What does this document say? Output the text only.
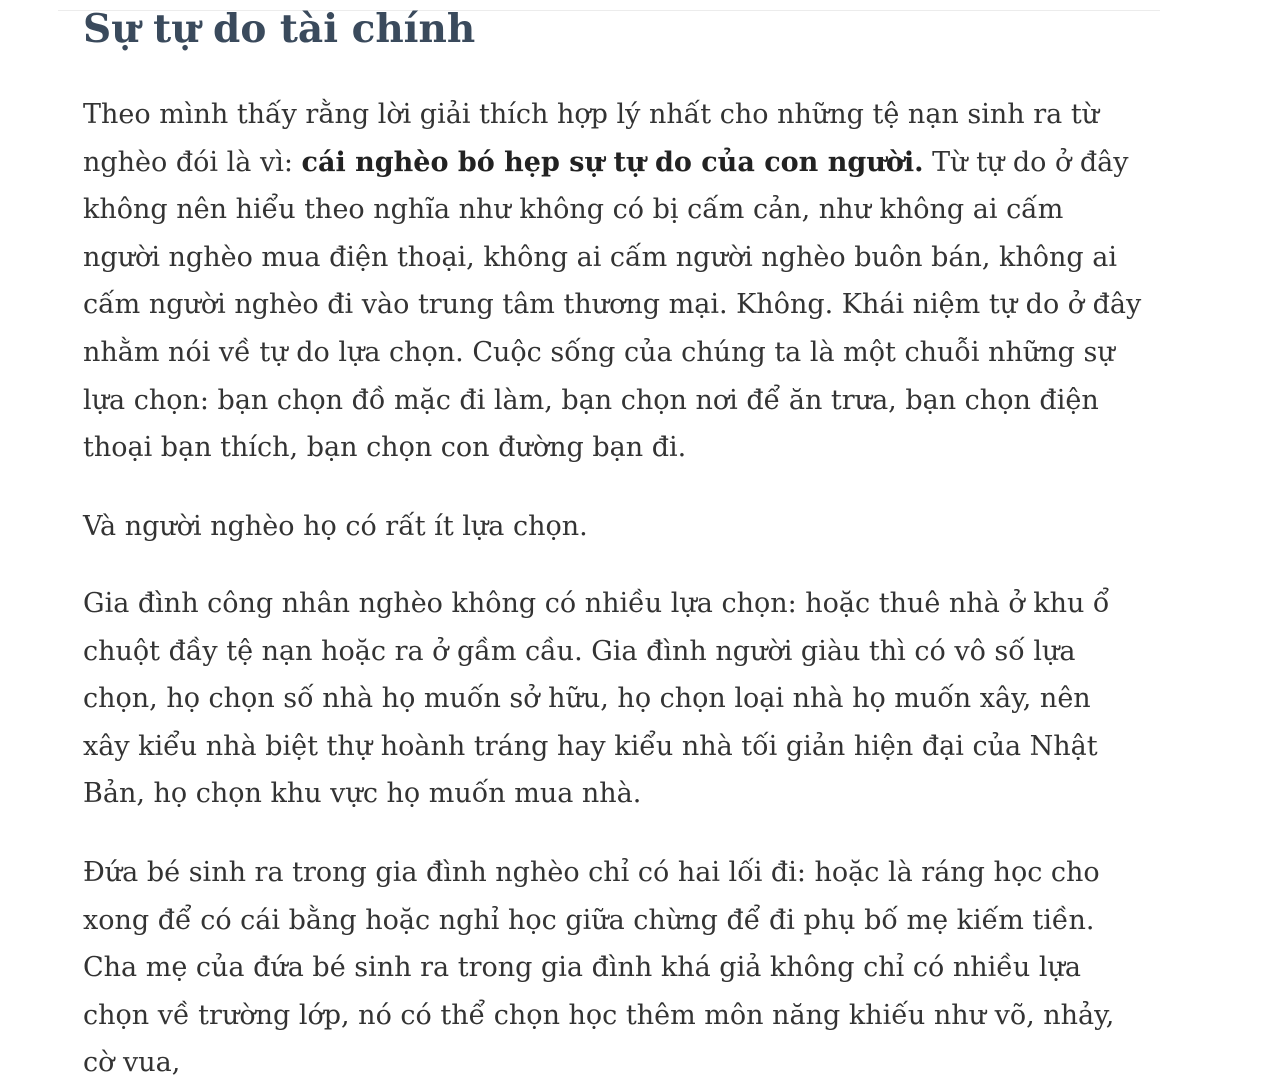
Sự tự do tài chính

Theo mình thấy rằng lời giải thích hợp lý nhất cho những tệ nạn sinh ra từ nghèo đói là vì: cái nghèo bó hẹp sự tự do của con người. Từ tự do ở đây không nên hiểu theo nghĩa như không có bị cấm cản, như không ai cấm người nghèo mua điện thoại, không ai cấm người nghèo buôn bán, không ai cấm người nghèo đi vào trung tâm thương mại. Không. Khái niệm tự do ở đây nhằm nói về tự do lựa chọn. Cuộc sống của chúng ta là một chuỗi những sự lựa chọn: bạn chọn đồ mặc đi làm, bạn chọn nơi để ăn trưa, bạn chọn điện thoại bạn thích, bạn chọn con đường bạn đi.

Và người nghèo họ có rất ít lựa chọn.

Gia đình công nhân nghèo không có nhiều lựa chọn: hoặc thuê nhà ở khu ổ chuột đầy tệ nạn hoặc ra ở gầm cầu. Gia đình người giàu thì có vô số lựa chọn, họ chọn số nhà họ muốn sở hữu, họ chọn loại nhà họ muốn xây, nên xây kiểu nhà biệt thự hoành tráng hay kiểu nhà tối giản hiện đại của Nhật Bản, họ chọn khu vực họ muốn mua nhà.

Đứa bé sinh ra trong gia đình nghèo chỉ có hai lối đi: hoặc là ráng học cho xong để có cái bằng hoặc nghỉ học giữa chừng để đi phụ bố mẹ kiếm tiền. Cha mẹ của đứa bé sinh ra trong gia đình khá giả không chỉ có nhiều lựa chọn về trường lớp, nó có thể chọn học thêm môn năng khiếu như võ, nhảy, cờ vua,
